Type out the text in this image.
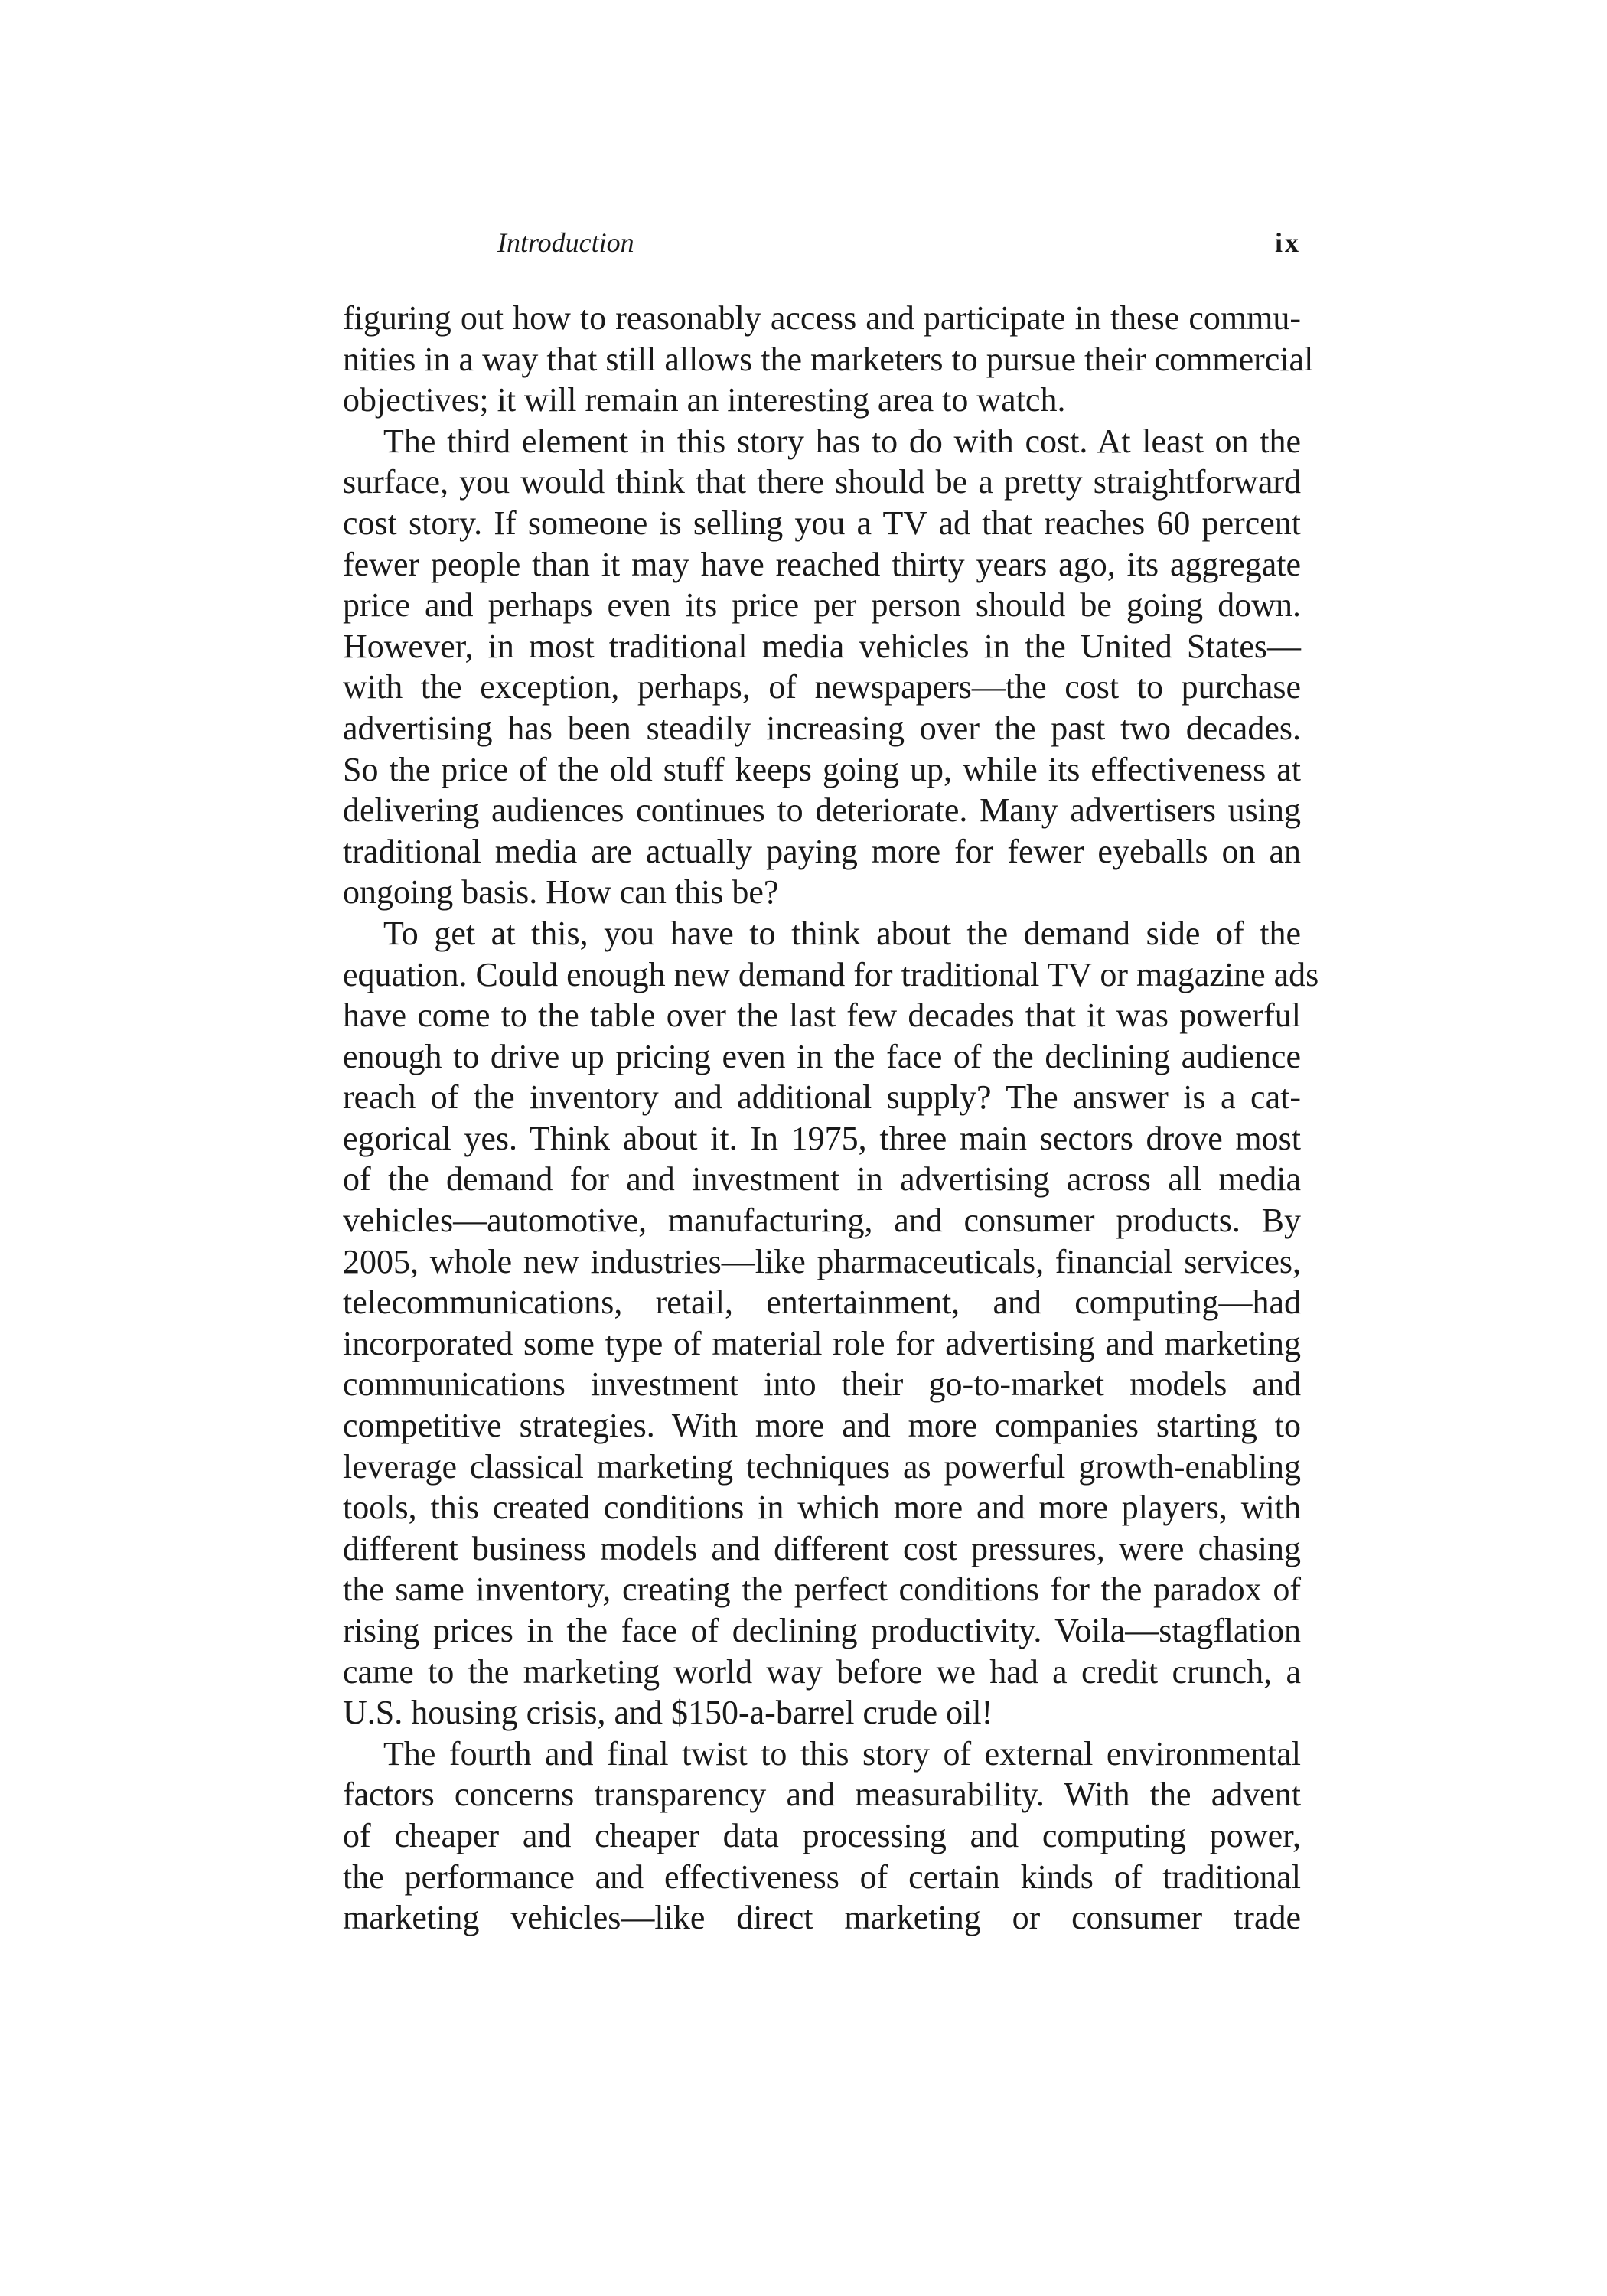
Introduction	ix
figuring out how to reasonably access and participate in these commu-
nities in a way that still allows the marketers to pursue their commercial
objectives; it will remain an interesting area to watch.
The third element in this story has to do with cost. At least on the
surface, you would think that there should be a pretty straightforward
cost story. If someone is selling you a TV ad that reaches 60 percent
fewer people than it may have reached thirty years ago, its aggregate
price and perhaps even its price per person should be going down.
However, in most traditional media vehicles in the United States—
with the exception, perhaps, of newspapers—the cost to purchase
advertising has been steadily increasing over the past two decades.
So the price of the old stuff keeps going up, while its effectiveness at
delivering audiences continues to deteriorate. Many advertisers using
traditional media are actually paying more for fewer eyeballs on an
ongoing basis. How can this be?
To get at this, you have to think about the demand side of the
equation. Could enough new demand for traditional TV or magazine ads
have come to the table over the last few decades that it was powerful
enough to drive up pricing even in the face of the declining audience
reach of the inventory and additional supply? The answer is a cat-
egorical yes. Think about it. In 1975, three main sectors drove most
of the demand for and investment in advertising across all media
vehicles—automotive, manufacturing, and consumer products. By
2005, whole new industries—like pharmaceuticals, financial services,
telecommunications, retail, entertainment, and computing—had
incorporated some type of material role for advertising and marketing
communications investment into their go-to-market models and
competitive strategies. With more and more companies starting to
leverage classical marketing techniques as powerful growth-enabling
tools, this created conditions in which more and more players, with
different business models and different cost pressures, were chasing
the same inventory, creating the perfect conditions for the paradox of
rising prices in the face of declining productivity. Voila—stagflation
came to the marketing world way before we had a credit crunch, a
U.S. housing crisis, and $150-a-barrel crude oil!
The fourth and final twist to this story of external environmental
factors concerns transparency and measurability. With the advent
of cheaper and cheaper data processing and computing power,
the performance and effectiveness of certain kinds of traditional
marketing vehicles—like direct marketing or consumer trade
